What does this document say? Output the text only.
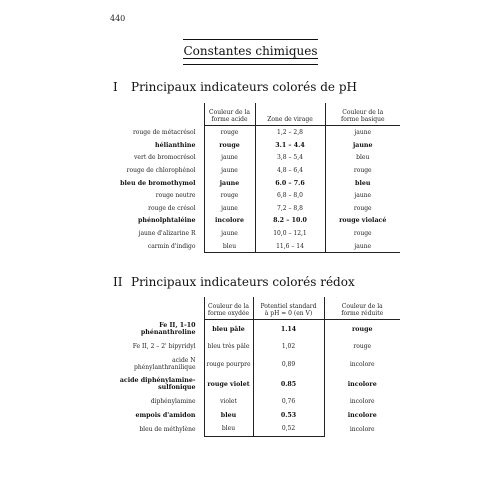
440
Constantes chimiques
I Principaux indicateurs colorés de pH
	Couleur de la
forme acide	Zone de virage	Couleur de la
forme basique
rouge de métacrésol	rouge	1,2 – 2,8	jaune
hélianthine	rouge	3.1 – 4.4	jaune
vert de bromocrésol	jaune	3,8 – 5,4	bleu
rouge de chlorophénol	jaune	4,8 – 6,4	rouge
bleu de bromothymol	jaune	6.0 – 7.6	bleu
rouge neutre	rouge	6,8 – 8,0	jaune
rouge de crésol	jaune	7,2 – 8,8	rouge
phénolphtaléine	incolore	8.2 – 10.0	rouge violacé
jaune d'alizarine R	jaune	10,0 – 12,1	rouge
carmin d'indigo	bleu	11,6 – 14	jaune
II Principaux indicateurs colorés rédox
	Couleur de la
forme oxydée	Potentiel standard
à pH = 0 (en V)	Couleur de la
forme réduite
Fe II, 1-10
phénanthroline	bleu pâle	1.14	rouge
Fe II, 2 – 2' bipyridyl	bleu très pâle	1,02	rouge
acide N
phénylanthranilique	rouge pourpre	0,89	incolore
acide diphénylamine-
sulfonique	rouge violet	0.85	incolore
diphénylamine	violet	0,76	incolore
empois d'amidon	bleu	0.53	incolore
bleu de méthylène	bleu	0,52	incolore
